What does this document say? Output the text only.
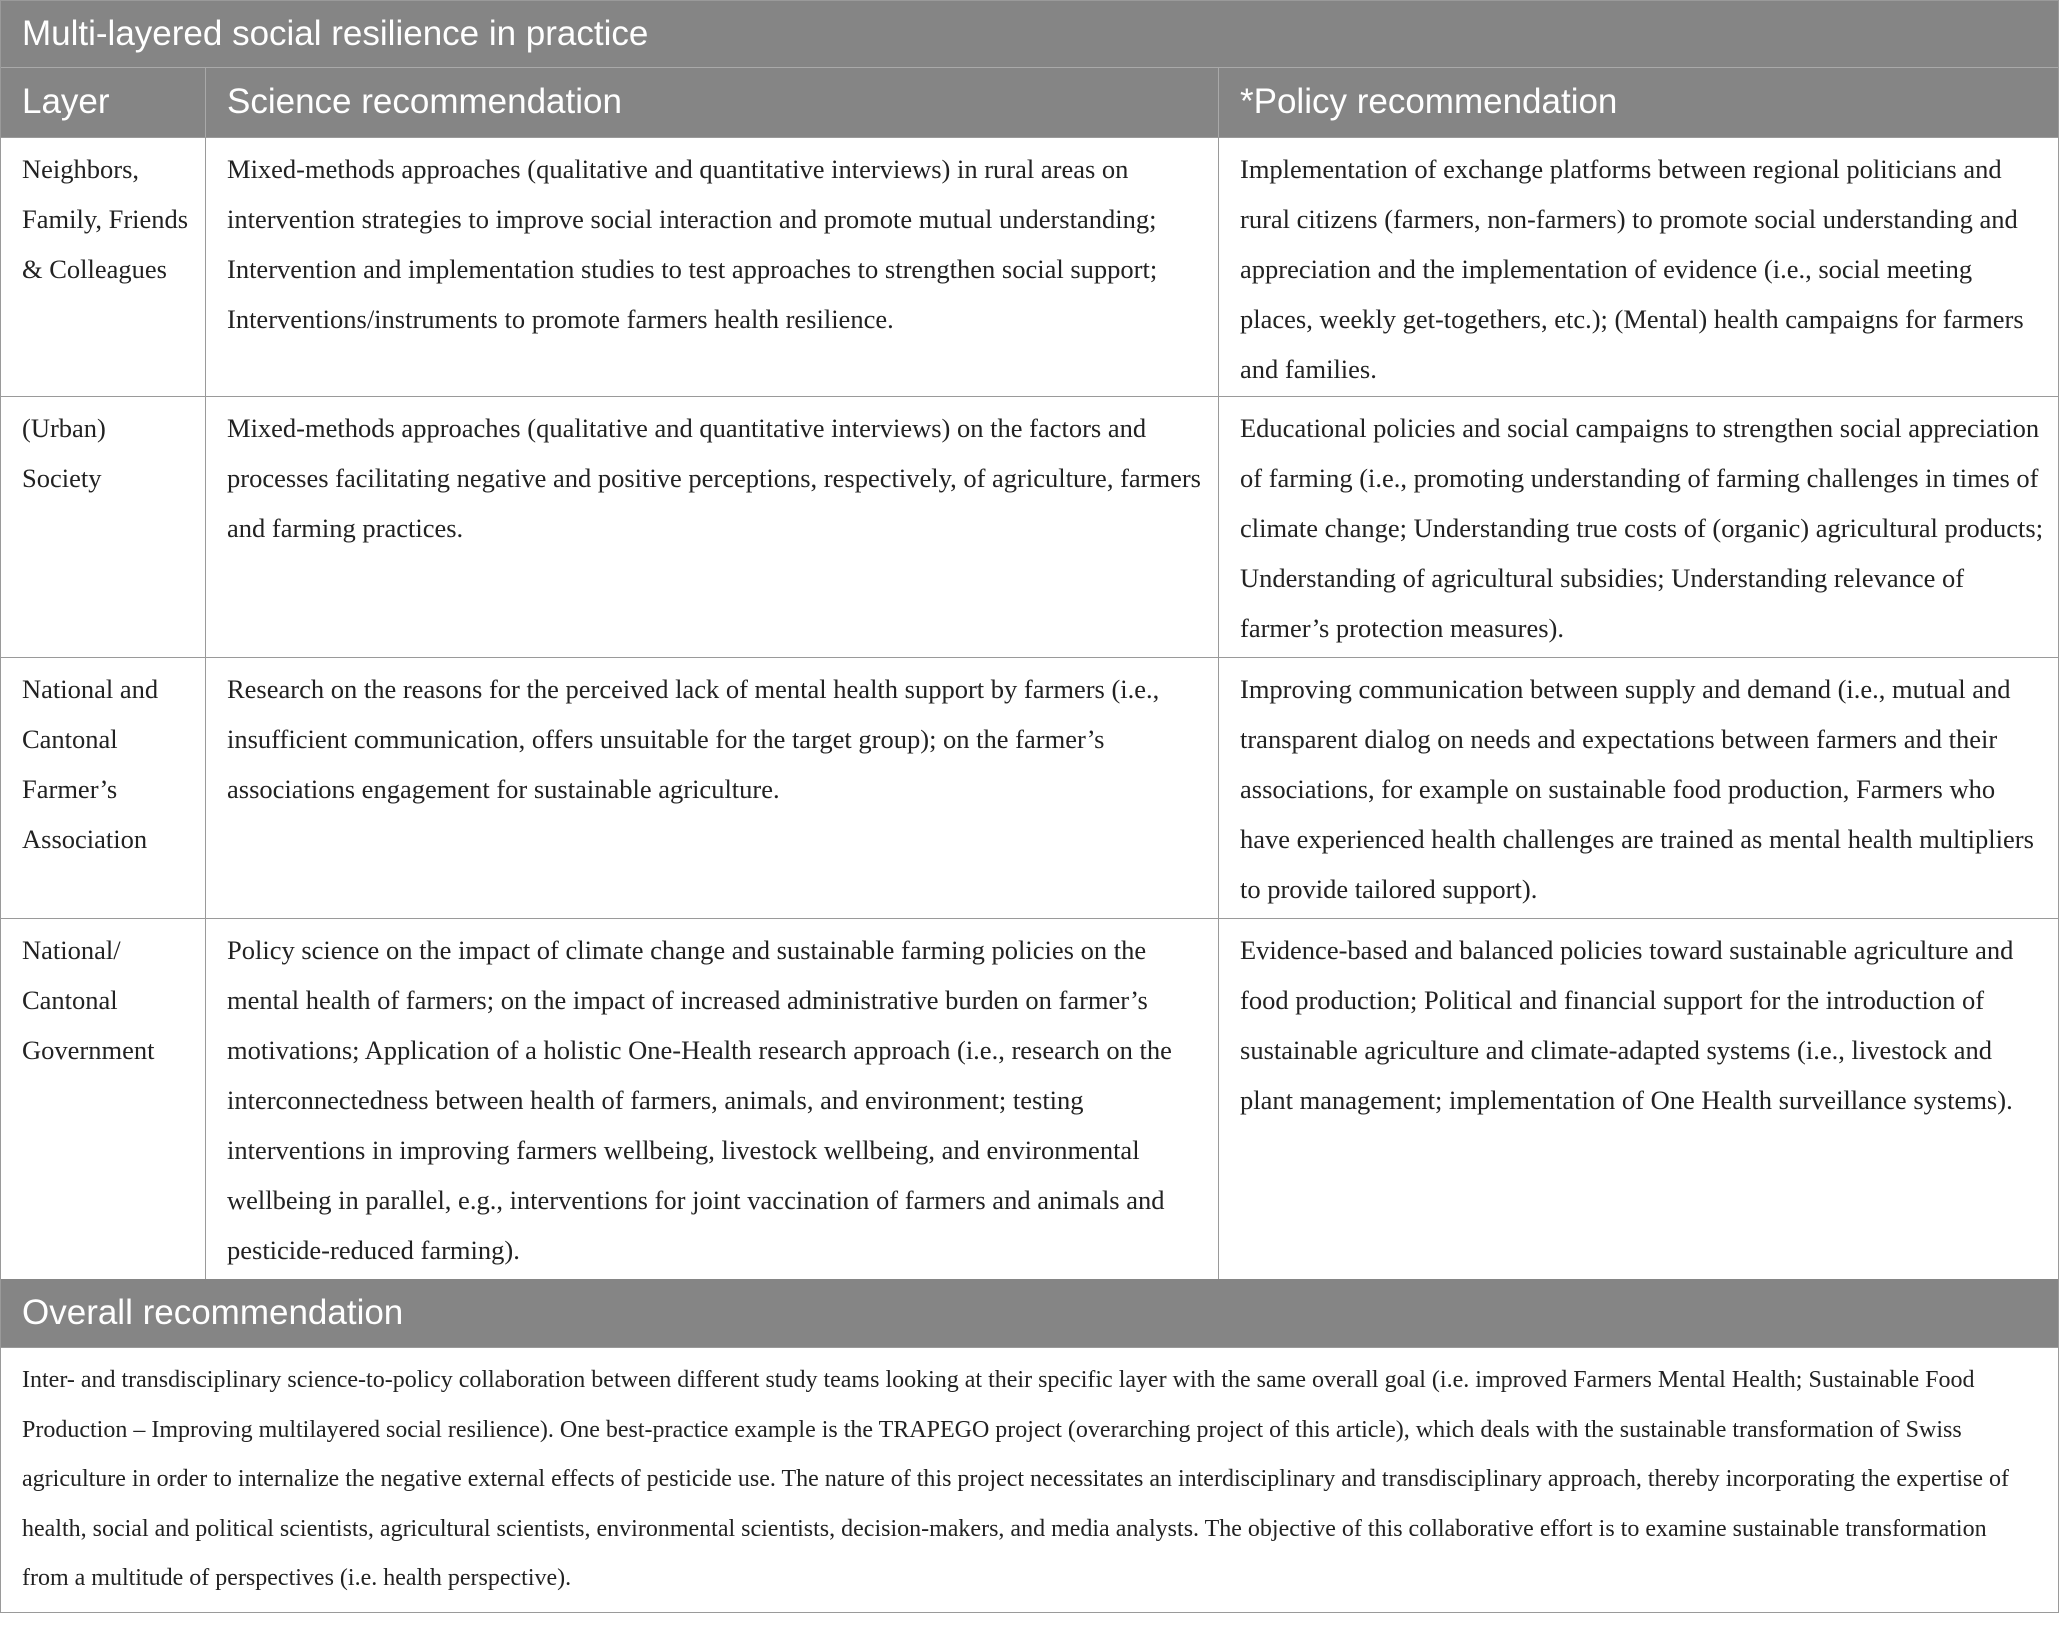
Multi-layered social resilience in practice
Layer	Science recommendation	*Policy recommendation
Neighbors, Family, Friends & Colleagues
Mixed-methods approaches (qualitative and quantitative interviews) in rural areas on intervention strategies to improve social interaction and promote mutual understanding; Intervention and implementation studies to test approaches to strengthen social support; Interventions/instruments to promote farmers health resilience.
Implementation of exchange platforms between regional politicians and rural citizens (farmers, non-farmers) to promote social understanding and appreciation and the implementation of evidence (i.e., social meeting places, weekly get-togethers, etc.); (Mental) health campaigns for farmers and families.
(Urban) Society
Mixed-methods approaches (qualitative and quantitative interviews) on the factors and processes facilitating negative and positive perceptions, respectively, of agriculture, farmers and farming practices.
Educational policies and social campaigns to strengthen social appreciation of farming (i.e., promoting understanding of farming challenges in times of climate change; Understanding true costs of (organic) agricultural products; Understanding of agricultural subsidies; Understanding relevance of farmer’s protection measures).
National and Cantonal Farmer’s Association
Research on the reasons for the perceived lack of mental health support by farmers (i.e., insufficient communication, offers unsuitable for the target group); on the farmer’s associations engagement for sustainable agriculture.
Improving communication between supply and demand (i.e., mutual and transparent dialog on needs and expectations between farmers and their associations, for example on sustainable food production, Farmers who have experienced health challenges are trained as mental health multipliers to provide tailored support).
National/ Cantonal Government
Policy science on the impact of climate change and sustainable farming policies on the mental health of farmers; on the impact of increased administrative burden on farmer’s motivations; Application of a holistic One-Health research approach (i.e., research on the interconnectedness between health of farmers, animals, and environment; testing interventions in improving farmers wellbeing, livestock wellbeing, and environmental wellbeing in parallel, e.g., interventions for joint vaccination of farmers and animals and pesticide-reduced farming).
Evidence-based and balanced policies toward sustainable agriculture and food production; Political and financial support for the introduction of sustainable agriculture and climate-adapted systems (i.e., livestock and plant management; implementation of One Health surveillance systems).
Overall recommendation
Inter- and transdisciplinary science-to-policy collaboration between different study teams looking at their specific layer with the same overall goal (i.e. improved Farmers Mental Health; Sustainable Food Production – Improving multilayered social resilience). One best-practice example is the TRAPEGO project (overarching project of this article), which deals with the sustainable transformation of Swiss agriculture in order to internalize the negative external effects of pesticide use. The nature of this project necessitates an interdisciplinary and transdisciplinary approach, thereby incorporating the expertise of health, social and political scientists, agricultural scientists, environmental scientists, decision-makers, and media analysts. The objective of this collaborative effort is to examine sustainable transformation from a multitude of perspectives (i.e. health perspective).
